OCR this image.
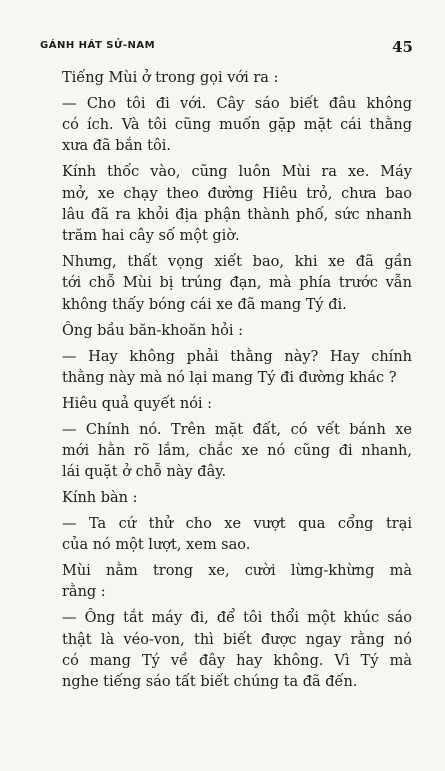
GÁNH HÁT SỬ-NAM	45

Tiếng Mùi ở trong gọi với ra :

— Cho tôi đi với. Cây sáo biết đâu không
có ích. Và tôi cũng muốn gặp mặt cái thằng
xưa đã bắn tôi.

Kính thốc vào, cũng luôn Mùi ra xe. Máy
mở, xe chạy theo đường Hiêu trỏ, chưa bao
lâu đã ra khỏi địa phận thành phố, sức nhanh
trăm hai cây số một giờ.

Nhưng, thất vọng xiết bao, khi xe đã gần
tới chỗ Mùi bị trúng đạn, mà phía trước vẫn
không thấy bóng cái xe đã mang Tý đi.

Ông bầu băn-khoăn hỏi :

— Hay không phải thằng này? Hay chính
thằng này mà nó lại mang Tý đi đường khác ?

Hiêu quả quyết nói :

— Chính nó. Trên mặt đất, có vết bánh xe
mới hằn rõ lắm, chắc xe nó cũng đi nhanh,
lái quặt ở chỗ này đây.

Kính bàn :

— Ta cứ thử cho xe vượt qua cổng trại
của nó một lượt, xem sao.

Mùi nằm trong xe, cười lừng-khừng mà
rằng :

— Ông tắt máy đi, để tôi thổi một khúc sáo
thật là véo-von, thì biết được ngay rằng nó
có mang Tý về đây hay không. Vì Tý mà
nghe tiếng sáo tất biết chúng ta đã đến.
